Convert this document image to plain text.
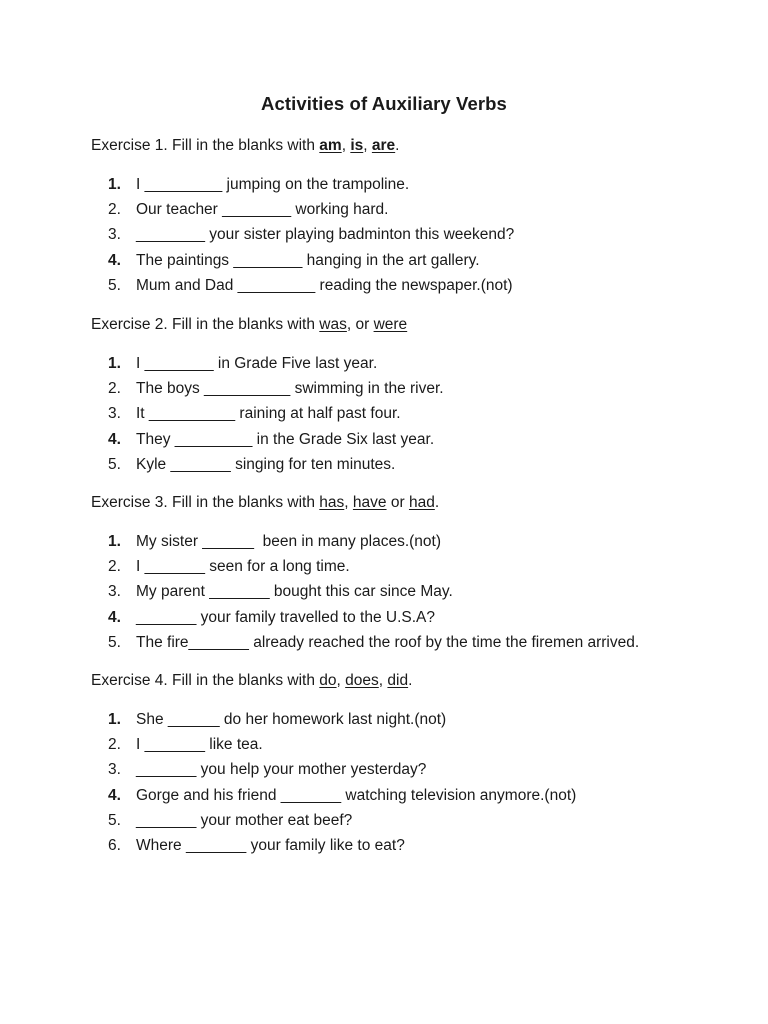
Activities of Auxiliary Verbs
Exercise 1. Fill in the blanks with am, is, are.
1. I _________ jumping on the trampoline.
2. Our teacher ________ working hard.
3. ________ your sister playing badminton this weekend?
4. The paintings ________ hanging in the art gallery.
5. Mum and Dad _________ reading the newspaper.(not)
Exercise 2. Fill in the blanks with was, or were
1. I ________ in Grade Five last year.
2. The boys __________ swimming in the river.
3. It __________ raining at half past four.
4. They _________ in the Grade Six last year.
5. Kyle _______ singing for ten minutes.
Exercise 3. Fill in the blanks with has, have or had.
1. My sister ______  been in many places.(not)
2. I _______ seen for a long time.
3. My parent _______ bought this car since May.
4. _______ your family travelled to the U.S.A?
5. The fire_______ already reached the roof by the time the firemen arrived.
Exercise 4. Fill in the blanks with do, does, did.
1. She ______ do her homework last night.(not)
2. I _______ like tea.
3. _______ you help your mother yesterday?
4. Gorge and his friend _______ watching television anymore.(not)
5. _______ your mother eat beef?
6. Where _______ your family like to eat?
